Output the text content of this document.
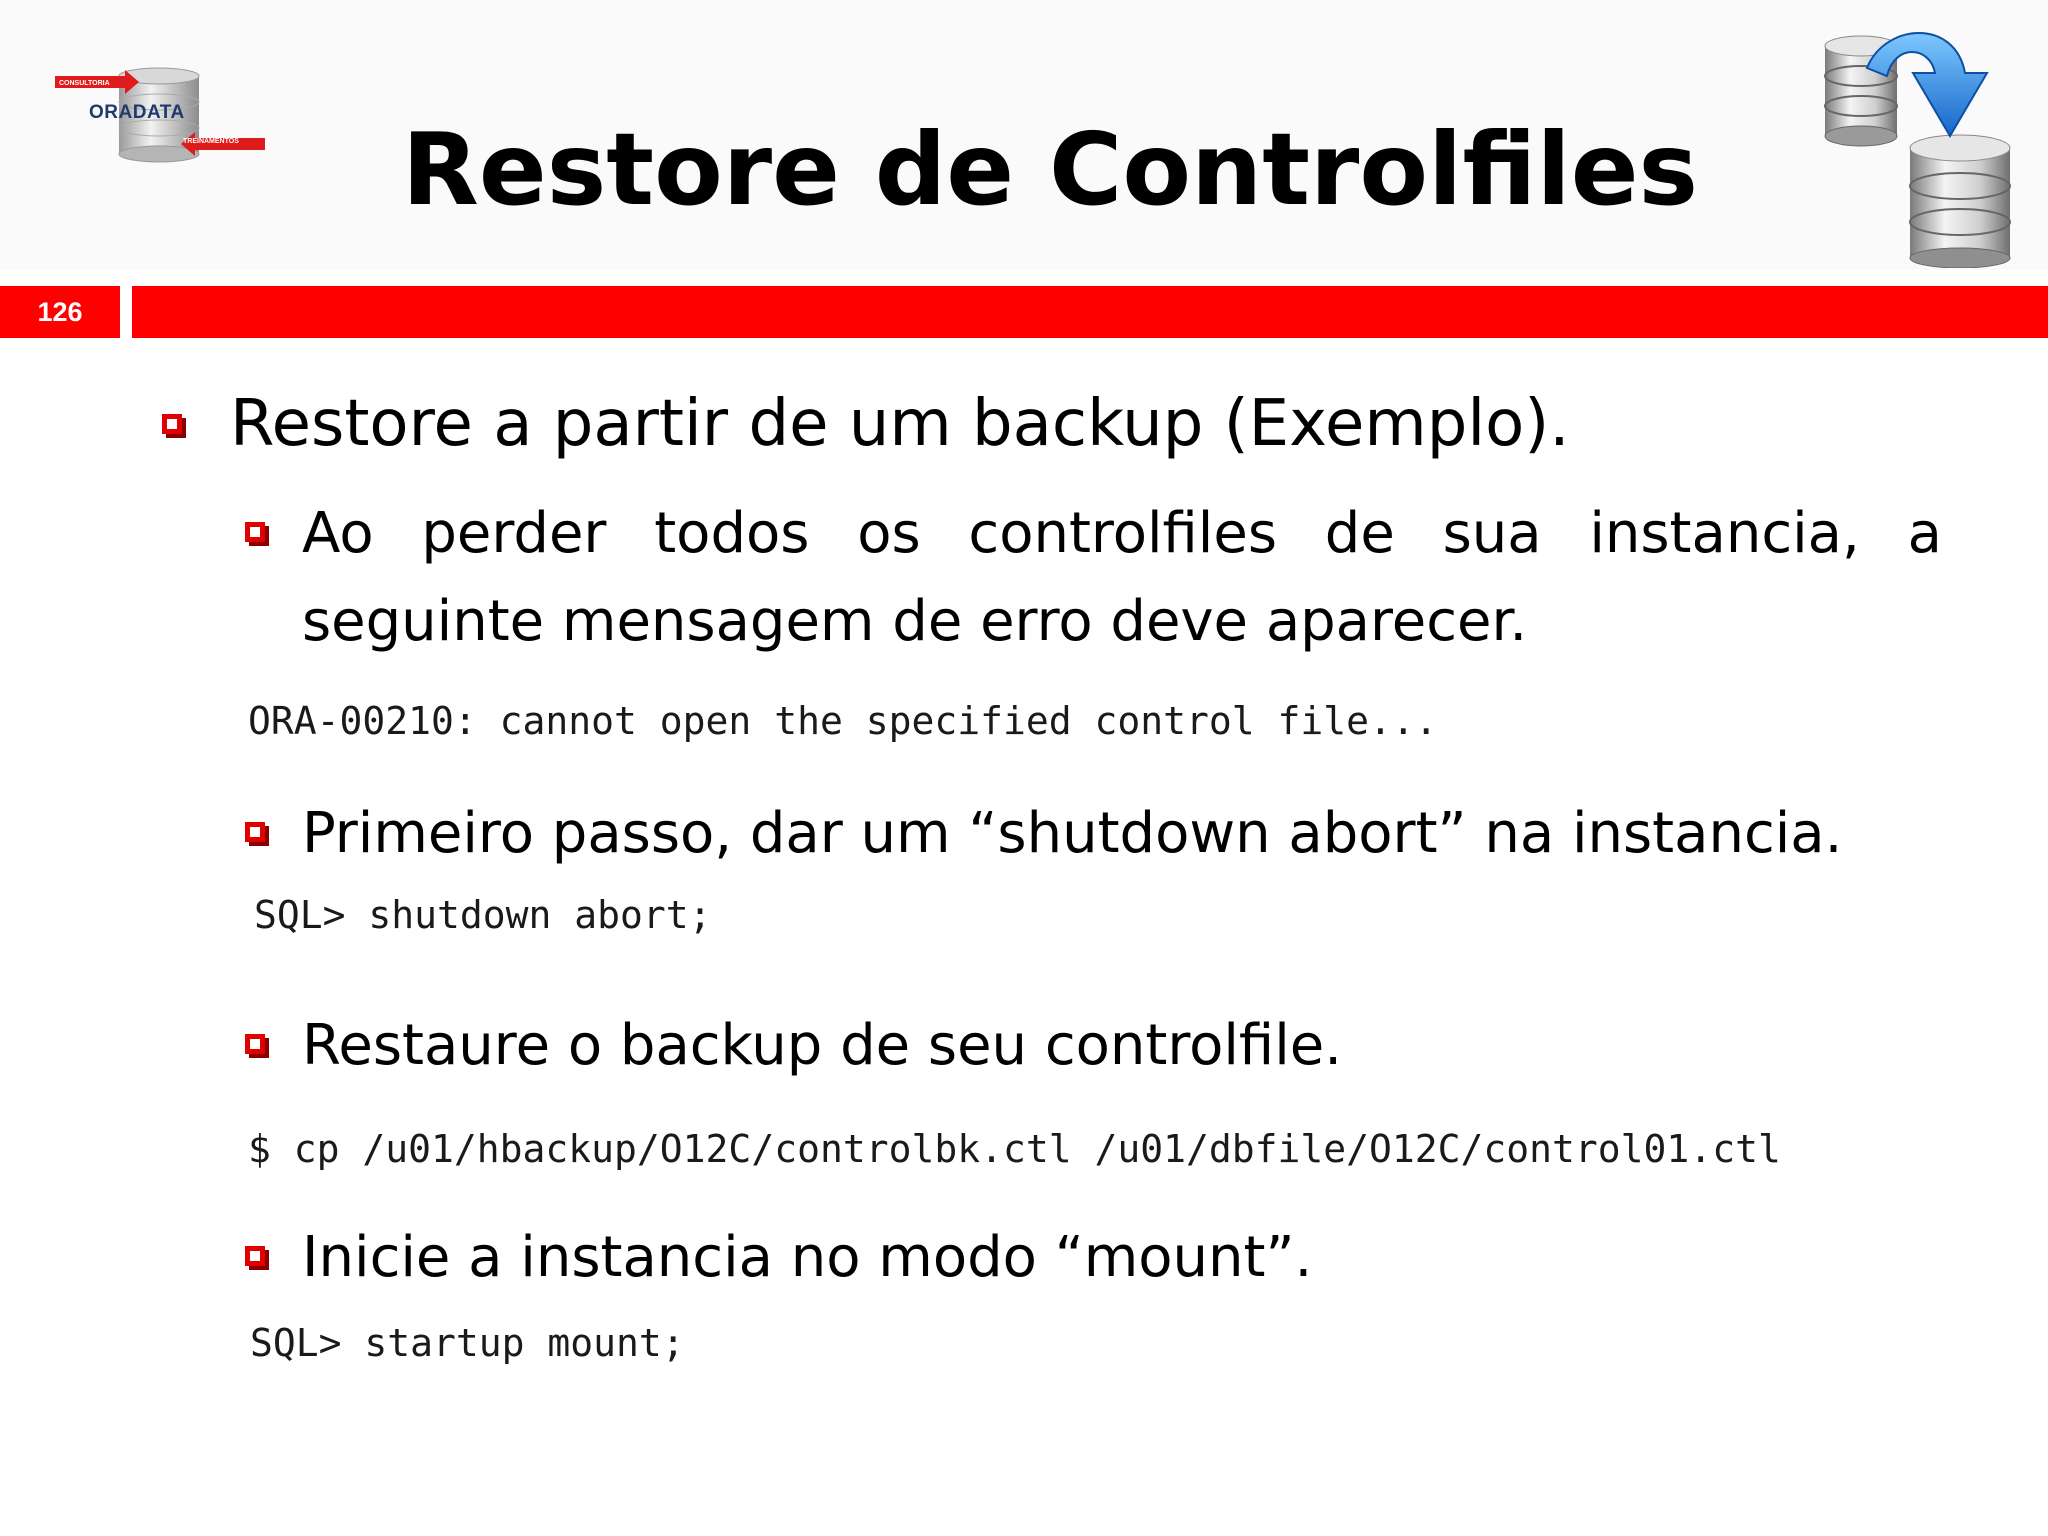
CONSULTORIA
ORADATA
TREINAMENTOS	Restore de Controlfiles
126
Restore a partir de um backup (Exemplo).
Ao perder todos os controlfiles de sua instancia, a
seguinte mensagem de erro deve aparecer.
ORA-00210: cannot open the specified control file...
Primeiro passo, dar um “shutdown abort” na instancia.
SQL> shutdown abort;
Restaure o backup de seu controlfile.
$ cp /u01/hbackup/O12C/controlbk.ctl /u01/dbfile/O12C/control01.ctl
Inicie a instancia no modo “mount”.
SQL> startup mount;
